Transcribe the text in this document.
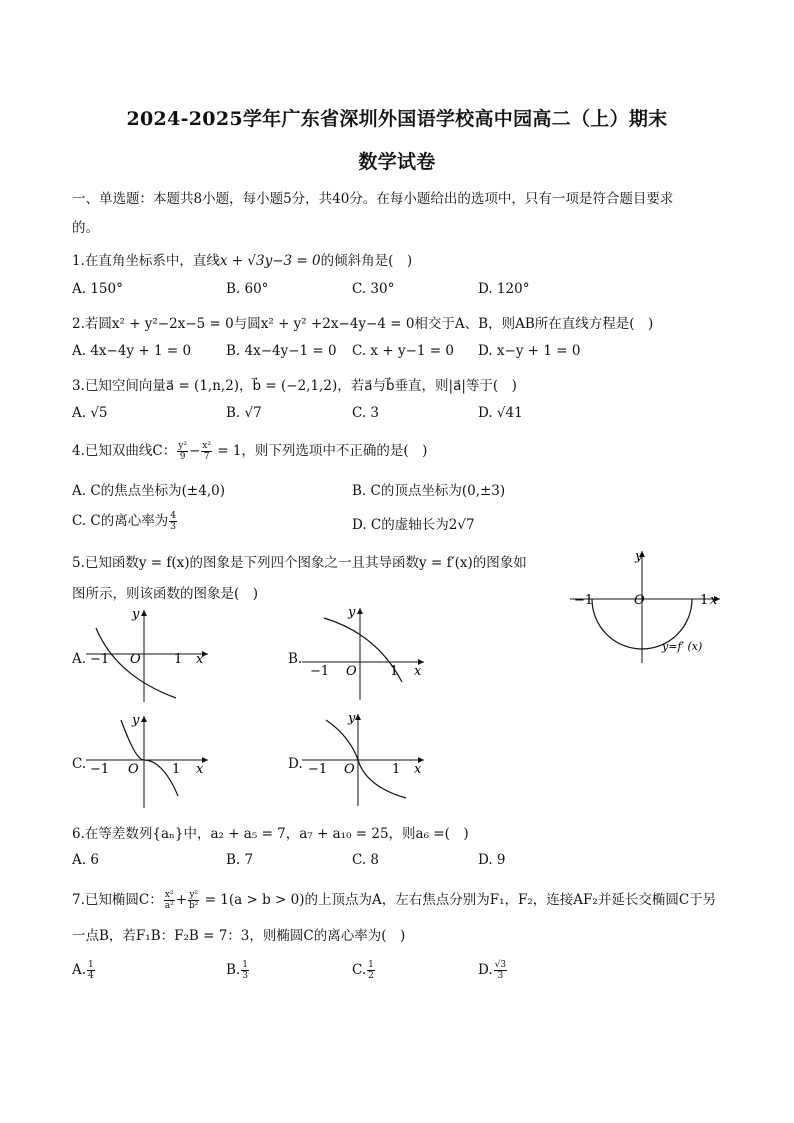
2024-2025学年广东省深圳外国语学校高中园高二（上）期末
数学试卷
一、单选题：本题共8小题，每小题5分，共40分。在每小题给出的选项中，只有一项是符合题目要求
的。
1.在直角坐标系中，直线x + √3y−3 = 0的倾斜角是(　)
A. 150°	B. 60°	C. 30°	D. 120°
2.若圆x² + y²−2x−5 = 0与圆x² + y² +2x−4y−4 = 0相交于A、B，则AB所在直线方程是(　)
A. 4x−4y + 1 = 0	B. 4x−4y−1 = 0 C. x + y−1 = 0 D. x−y + 1 = 0
3.已知空间向量a⃗ = (1,n,2)，b⃗ = (−2,1,2)，若a⃗与b⃗垂直，则|a⃗|等于(　)
A. √5	B. √7	C. 3	D. √41
4.已知双曲线C： $\frac{\text{y²}}{9} - \frac{\text{x²}}{7} = 1$，则下列选项中不正确的是(　)
A. C的焦点坐标为(±4,0)	B. C的顶点坐标为(0,±3)
C. C的离心率为 $\frac{4}{3}$	D. C的虚轴长为2√7
5.已知函数y = f(x)的图象是下列四个图象之一且其导函数y = f′(x)的图象如
图所示，则该函数的图象是(　)	−1	O	1 x
y
y=f′ (x)
A. −1 O	1 x
y
B.
−1 O	1 x
y
C. −1 O	1 x
y
D. −1 O	1 x
y
6.在等差数列{aₙ}中，a₂ + a₅ = 7，a₇ + a₁₀ = 25，则a₆ =(　)
A. 6	B. 7	C. 8	D. 9
7.已知椭圆C： $\frac{\text{x²}}{\text{a²}} + \frac{\text{y²}}{\text{b²}} = 1(a > b > 0)$的上顶点为A，左右焦点分别为F₁，F₂，连接AF₂并延长交椭圆C于另
一点B，若F₁B：F₂B = 7：3，则椭圆C的离心率为(　)
A. $\frac{1}{4}$	B. $\frac{1}{3}$	C. $\frac{1}{2}$	D. $\frac{√3}{3}$
